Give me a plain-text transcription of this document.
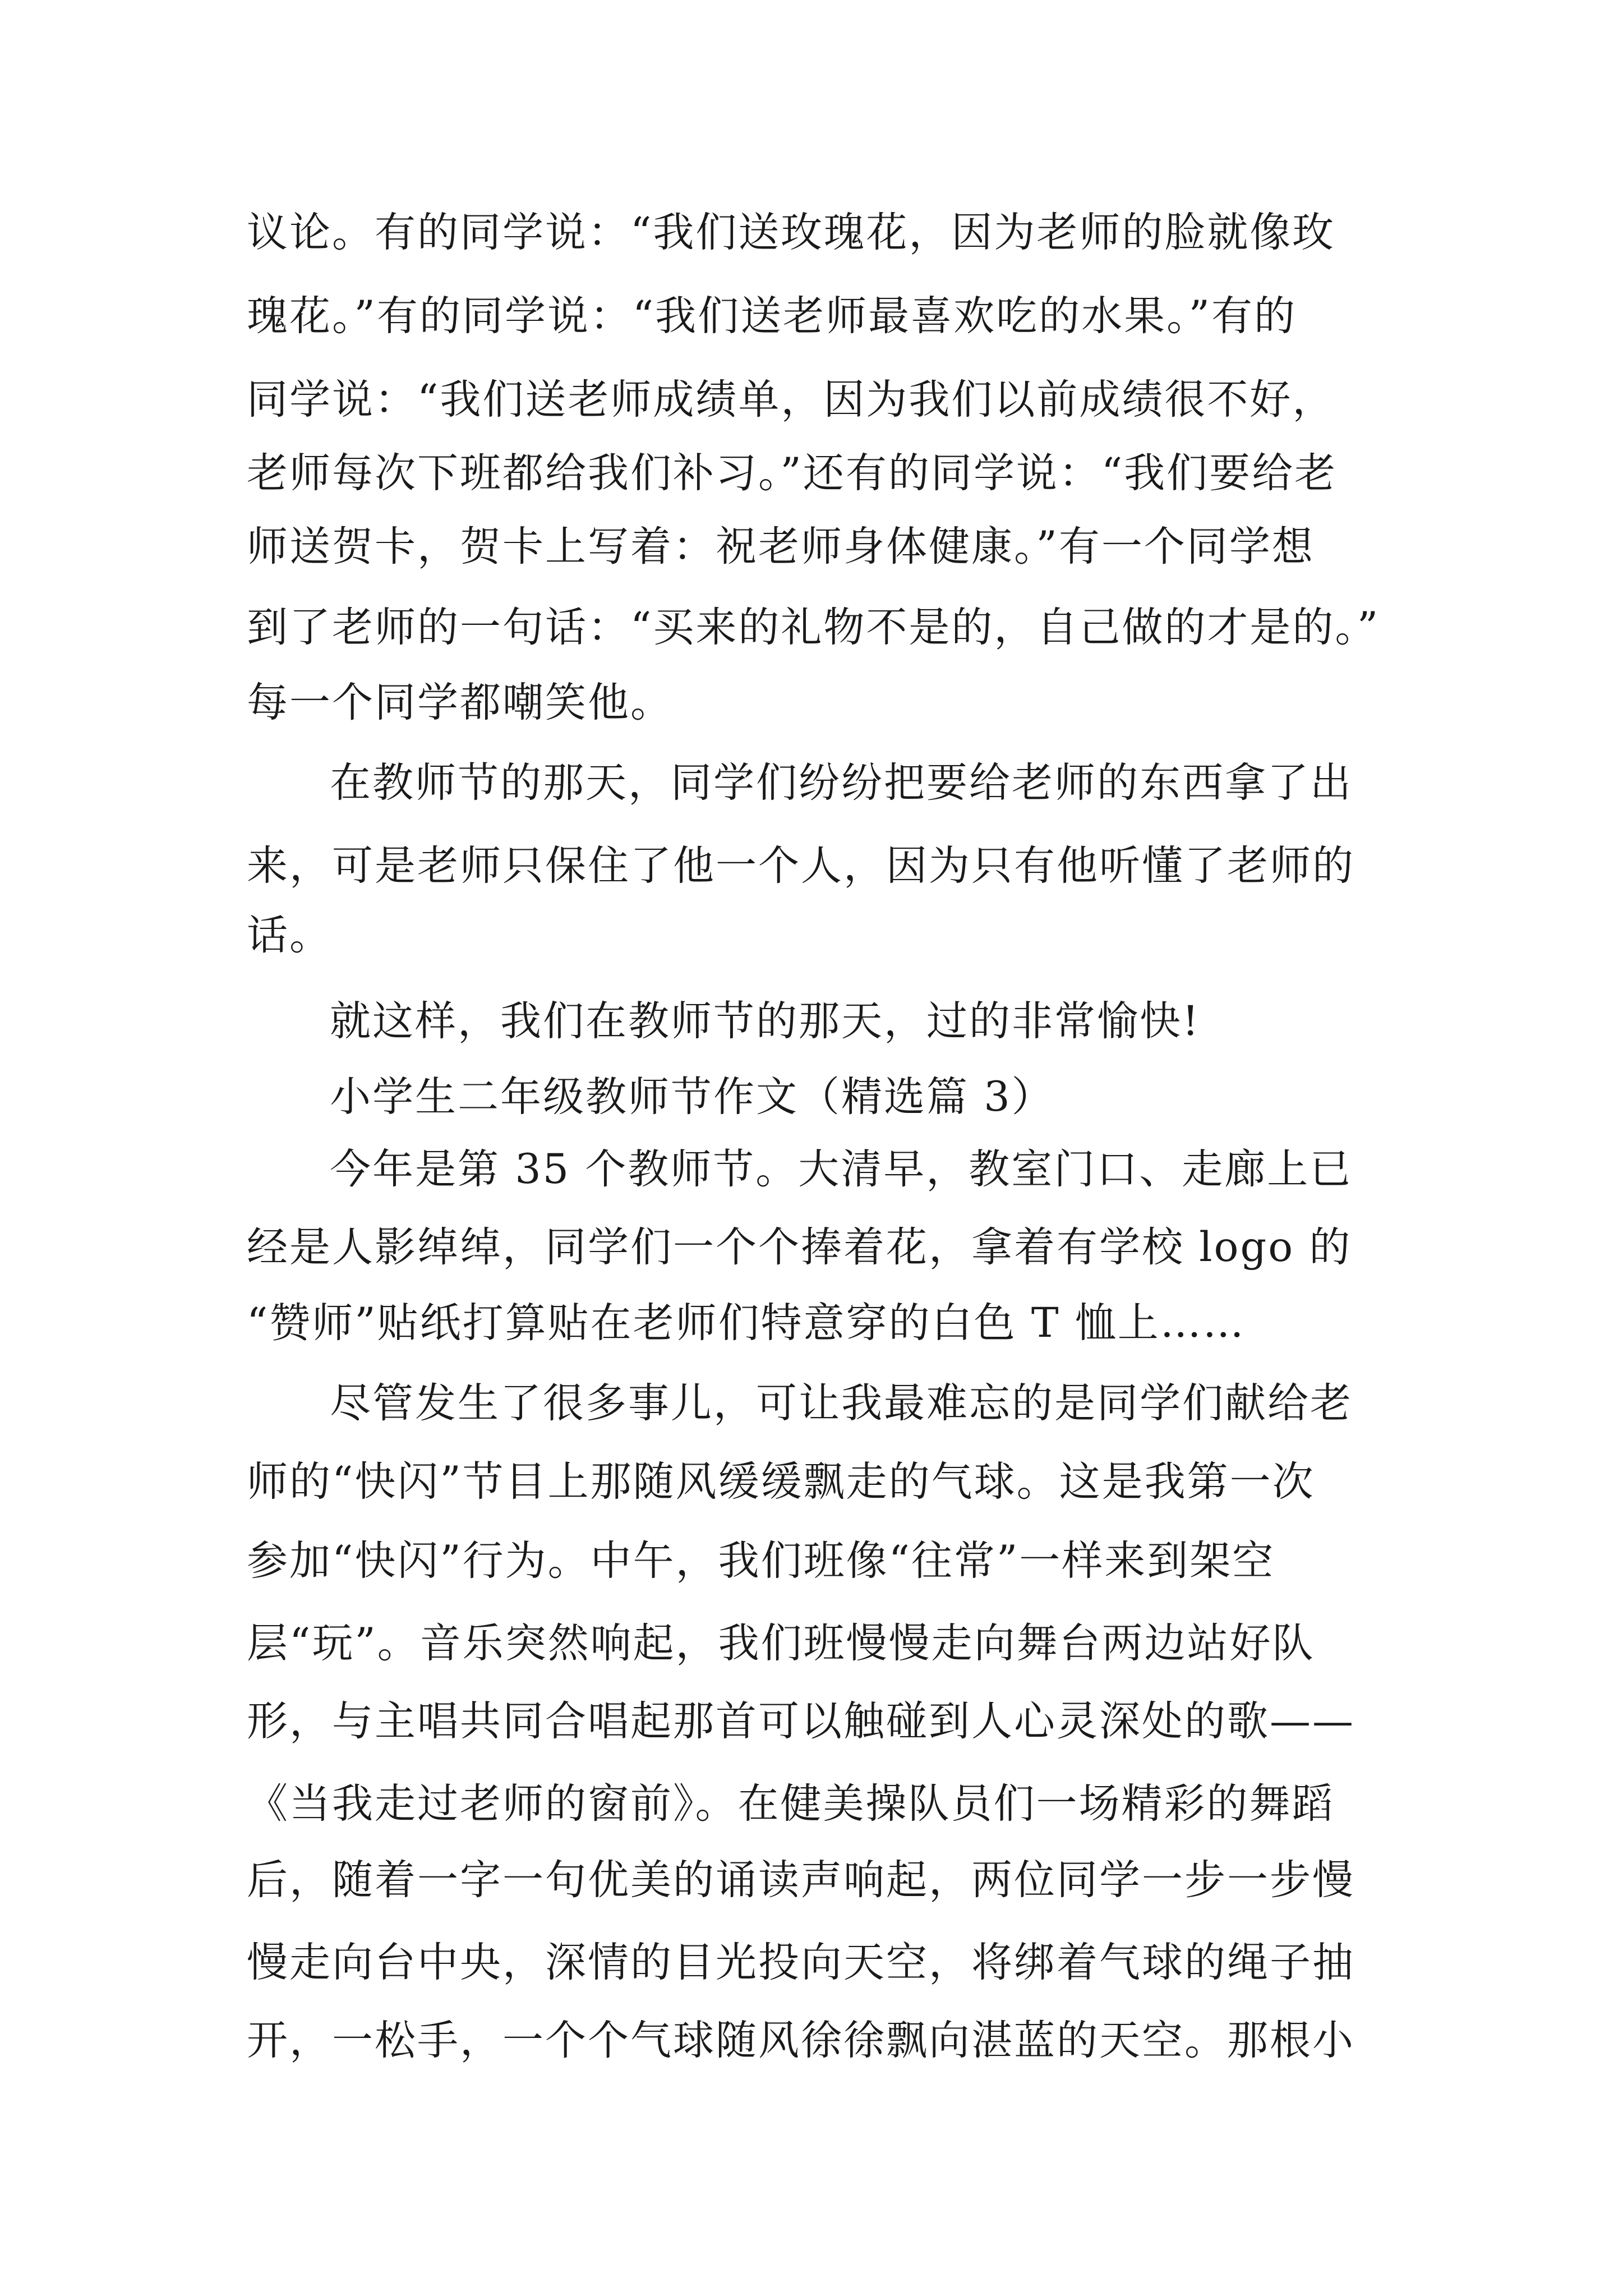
议论。有的同学说：“我们送玫瑰花，因为老师的脸就像玫
瑰花。”有的同学说：“我们送老师最喜欢吃的水果。”有的
同学说：“我们送老师成绩单，因为我们以前成绩很不好，
老师每次下班都给我们补习。”还有的同学说：“我们要给老
师送贺卡，贺卡上写着：祝老师身体健康。”有一个同学想
到了老师的一句话：“买来的礼物不是的，自己做的才是的。”
每一个同学都嘲笑他。
在教师节的那天，同学们纷纷把要给老师的东西拿了出
来，可是老师只保住了他一个人，因为只有他听懂了老师的
话。
就这样，我们在教师节的那天，过的非常愉快!
小学生二年级教师节作文（精选篇 3）
今年是第 35 个教师节。大清早，教室门口、走廊上已
经是人影绰绰，同学们一个个捧着花，拿着有学校 logo 的
“赞师”贴纸打算贴在老师们特意穿的白色 T 恤上……
尽管发生了很多事儿，可让我最难忘的是同学们献给老
师的“快闪”节目上那随风缓缓飘走的气球。这是我第一次
参加“快闪”行为。中午，我们班像“往常”一样来到架空
层“玩”。音乐突然响起，我们班慢慢走向舞台两边站好队
形，与主唱共同合唱起那首可以触碰到人心灵深处的歌——
《当我走过老师的窗前》。在健美操队员们一场精彩的舞蹈
后，随着一字一句优美的诵读声响起，两位同学一步一步慢
慢走向台中央，深情的目光投向天空，将绑着气球的绳子抽
开，一松手，一个个气球随风徐徐飘向湛蓝的天空。那根小
